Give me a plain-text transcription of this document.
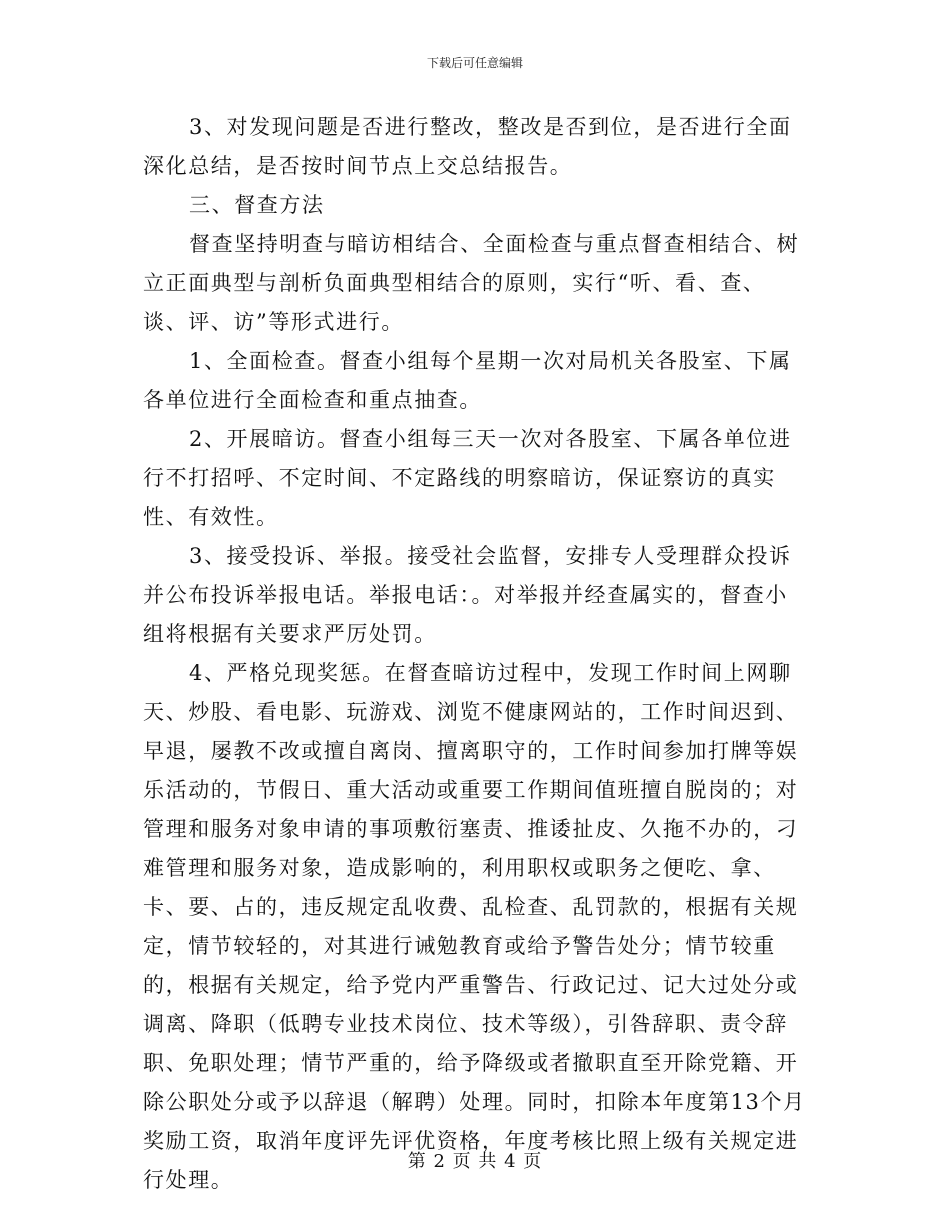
下载后可任意编辑

3、对发现问题是否进行整改，整改是否到位，是否进行全面深化总结，是否按时间节点上交总结报告。

三、督查方法

督查坚持明查与暗访相结合、全面检查与重点督查相结合、树立正面典型与剖析负面典型相结合的原则，实行“听、看、查、谈、评、访”等形式进行。

1、全面检查。督查小组每个星期一次对局机关各股室、下属各单位进行全面检查和重点抽查。

2、开展暗访。督查小组每三天一次对各股室、下属各单位进行不打招呼、不定时间、不定路线的明察暗访，保证察访的真实性、有效性。

3、接受投诉、举报。接受社会监督，安排专人受理群众投诉并公布投诉举报电话。举报电话：。对举报并经查属实的，督查小组将根据有关要求严厉处罚。

4、严格兑现奖惩。在督查暗访过程中，发现工作时间上网聊天、炒股、看电影、玩游戏、浏览不健康网站的，工作时间迟到、早退，屡教不改或擅自离岗、擅离职守的，工作时间参加打牌等娱乐活动的，节假日、重大活动或重要工作期间值班擅自脱岗的；对管理和服务对象申请的事项敷衍塞责、推诿扯皮、久拖不办的，刁难管理和服务对象，造成影响的，利用职权或职务之便吃、拿、卡、要、占的，违反规定乱收费、乱检查、乱罚款的，根据有关规定，情节较轻的，对其进行诫勉教育或给予警告处分；情节较重的，根据有关规定，给予党内严重警告、行政记过、记大过处分或调离、降职（低聘专业技术岗位、技术等级），引咎辞职、责令辞职、免职处理；情节严重的，给予降级或者撤职直至开除党籍、开除公职处分或予以辞退（解聘）处理。同时，扣除本年度第13个月奖励工资，取消年度评先评优资格，年度考核比照上级有关规定进行处理。

第 2 页 共 4 页
